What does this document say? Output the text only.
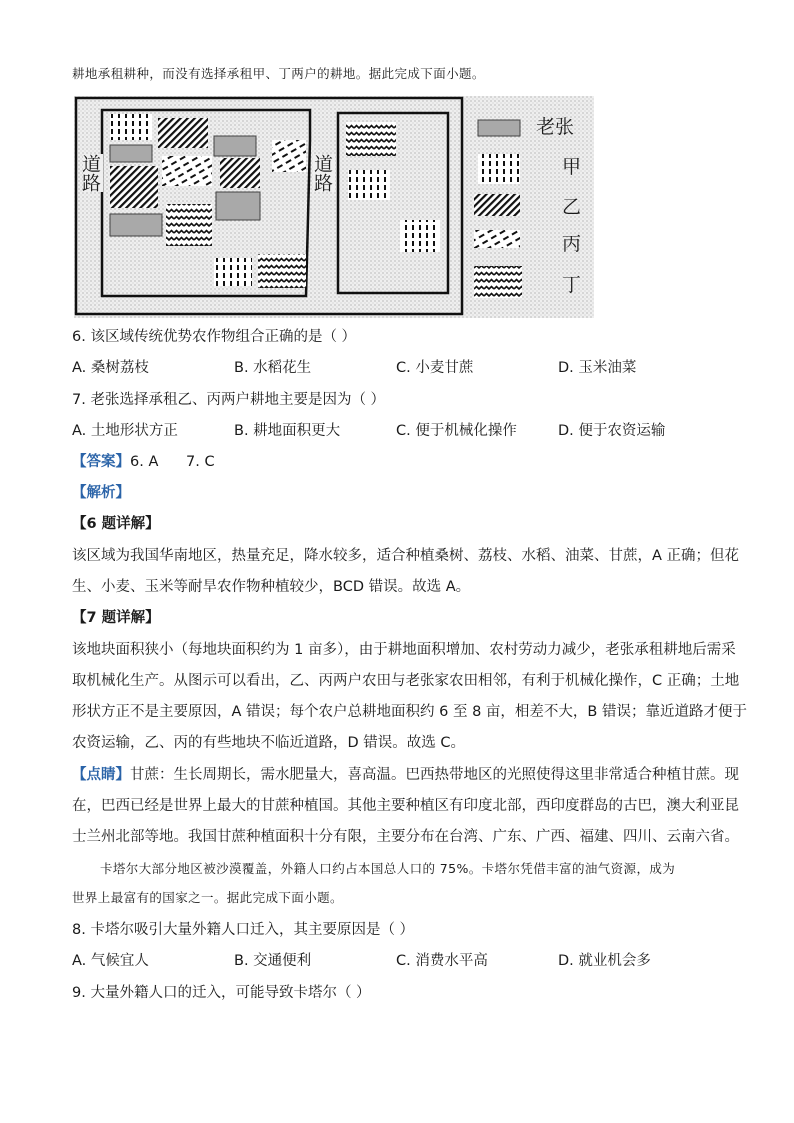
耕地承租耕种，而没有选择承租甲、丁两户的耕地。据此完成下面小题。
道路	道路
老张
甲
乙
丙
丁
6. 该区域传统优势农作物组合正确的是（ ）
A. 桑树荔枝	B. 水稻花生	C. 小麦甘蔗	D. 玉米油菜
7. 老张选择承租乙、丙两户耕地主要是因为（ ）
A. 土地形状方正	B. 耕地面积更大	C. 便于机械化操作	D. 便于农资运输
【答案】6. A      7. C
【解析】
【6 题详解】
该区域为我国华南地区，热量充足，降水较多，适合种植桑树、荔枝、水稻、油菜、甘蔗，A 正确；但花
生、小麦、玉米等耐旱农作物种植较少，BCD 错误。故选 A。
【7 题详解】
该地块面积狭小（每地块面积约为 1 亩多），由于耕地面积增加、农村劳动力减少，老张承租耕地后需采
取机械化生产。从图示可以看出，乙、丙两户农田与老张家农田相邻，有利于机械化操作，C 正确；土地
形状方正不是主要原因，A 错误；每个农户总耕地面积约 6 至 8 亩，相差不大，B 错误；靠近道路才便于
农资运输，乙、丙的有些地块不临近道路，D 错误。故选 C。
【点睛】甘蔗：生长周期长，需水肥量大，喜高温。巴西热带地区的光照使得这里非常适合种植甘蔗。现
在，巴西已经是世界上最大的甘蔗种植国。其他主要种植区有印度北部，西印度群岛的古巴，澳大利亚昆
士兰州北部等地。我国甘蔗种植面积十分有限，主要分布在台湾、广东、广西、福建、四川、云南六省。
卡塔尔大部分地区被沙漠覆盖，外籍人口约占本国总人口的 75%。卡塔尔凭借丰富的油气资源，成为
世界上最富有的国家之一。据此完成下面小题。
8. 卡塔尔吸引大量外籍人口迁入，其主要原因是（ ）
A. 气候宜人	B. 交通便利	C. 消费水平高	D. 就业机会多
9. 大量外籍人口的迁入，可能导致卡塔尔（ ）
